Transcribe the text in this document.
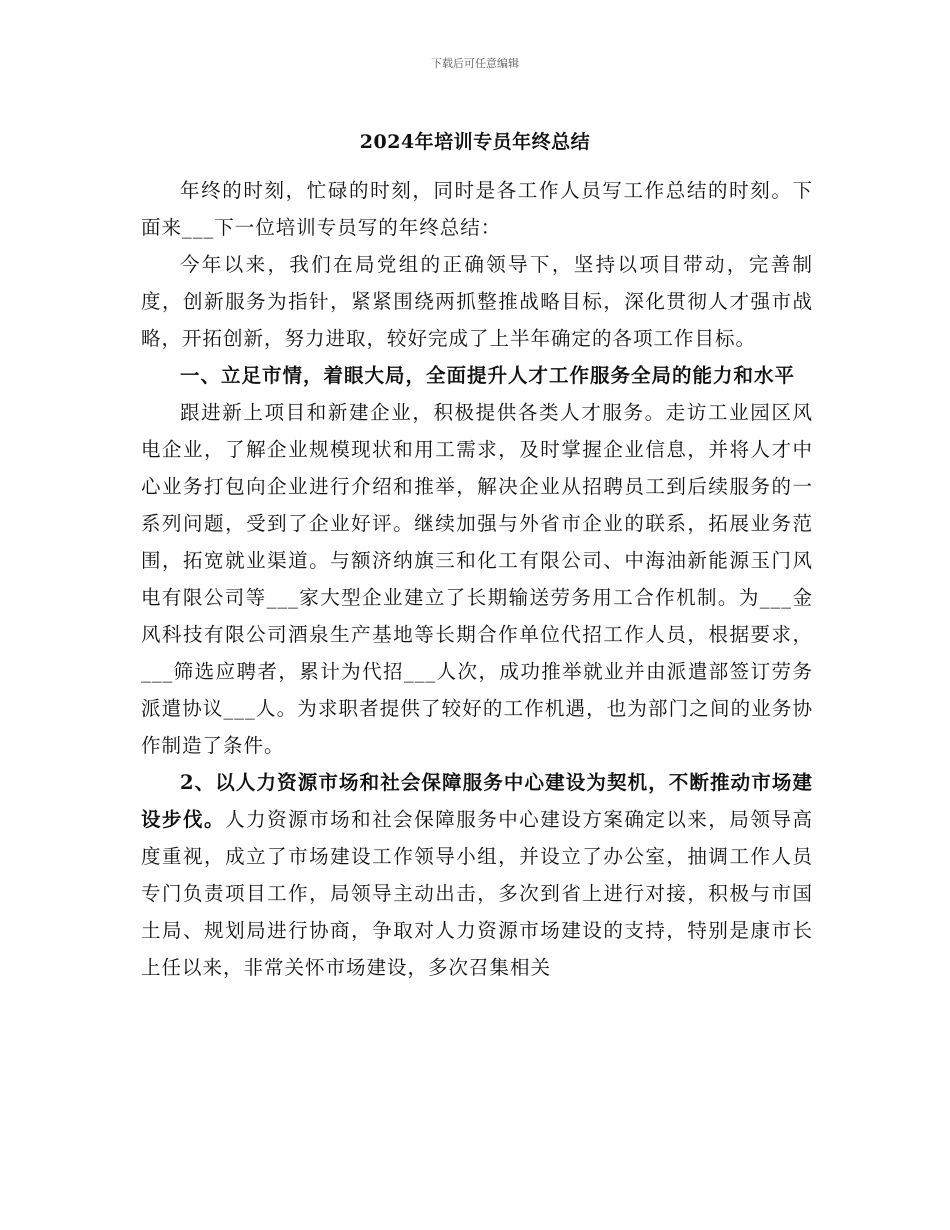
下载后可任意编辑
2024年培训专员年终总结

年终的时刻，忙碌的时刻，同时是各工作人员写工作总结的时刻。下面来___下一位培训专员写的年终总结：

今年以来，我们在局党组的正确领导下，坚持以项目带动，完善制度，创新服务为指针，紧紧围绕两抓整推战略目标，深化贯彻人才强市战略，开拓创新，努力进取，较好完成了上半年确定的各项工作目标。

一、立足市情，着眼大局，全面提升人才工作服务全局的能力和水平

跟进新上项目和新建企业，积极提供各类人才服务。走访工业园区风电企业，了解企业规模现状和用工需求，及时掌握企业信息，并将人才中心业务打包向企业进行介绍和推举，解决企业从招聘员工到后续服务的一系列问题，受到了企业好评。继续加强与外省市企业的联系，拓展业务范围，拓宽就业渠道。与额济纳旗三和化工有限公司、中海油新能源玉门风电有限公司等___家大型企业建立了长期输送劳务用工合作机制。为___金风科技有限公司酒泉生产基地等长期合作单位代招工作人员，根据要求，___筛选应聘者，累计为代招___人次，成功推举就业并由派遣部签订劳务派遣协议___人。为求职者提供了较好的工作机遇，也为部门之间的业务协作制造了条件。

2、以人力资源市场和社会保障服务中心建设为契机，不断推动市场建设步伐。人力资源市场和社会保障服务中心建设方案确定以来，局领导高度重视，成立了市场建设工作领导小组，并设立了办公室，抽调工作人员专门负责项目工作，局领导主动出击，多次到省上进行对接，积极与市国土局、规划局进行协商，争取对人力资源市场建设的支持，特别是康市长上任以来，非常关怀市场建设，多次召集相关
